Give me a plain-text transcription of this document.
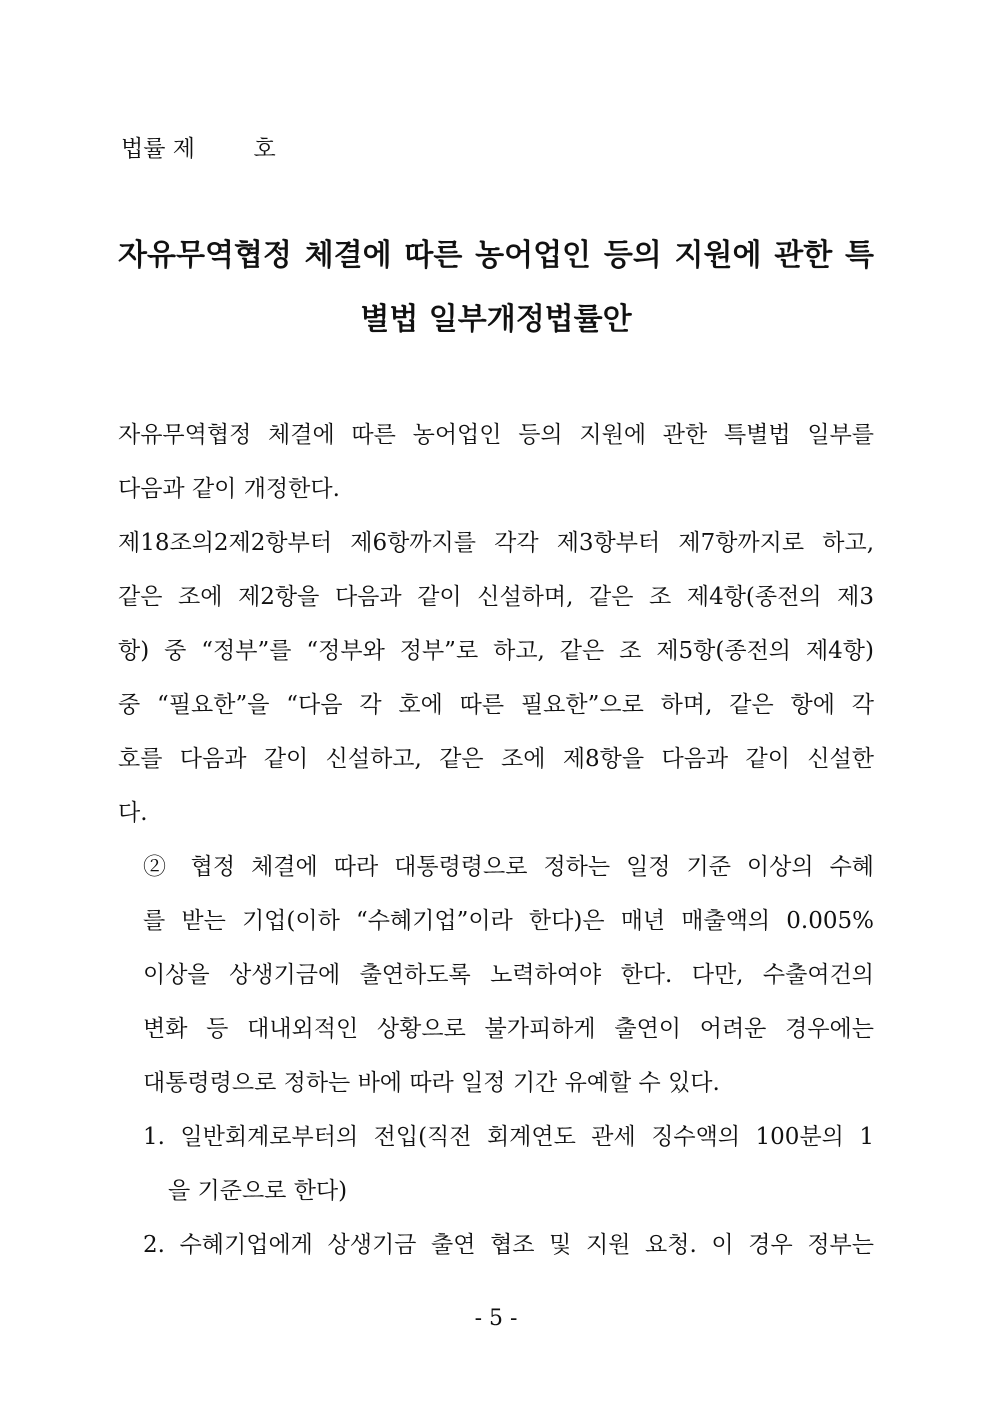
법률 제        호
자유무역협정 체결에 따른 농어업인 등의 지원에 관한 특
별법 일부개정법률안
자유무역협정 체결에 따른 농어업인 등의 지원에 관한 특별법 일부를
다음과 같이 개정한다.
제18조의2제2항부터 제6항까지를 각각 제3항부터 제7항까지로 하고,
같은 조에 제2항을 다음과 같이 신설하며, 같은 조 제4항(종전의 제3
항) 중 “정부”를 “정부와 정부”로 하고, 같은 조 제5항(종전의 제4항)
중 “필요한”을 “다음 각 호에 따른 필요한”으로 하며, 같은 항에 각
호를 다음과 같이 신설하고, 같은 조에 제8항을 다음과 같이 신설한
다.
② 협정 체결에 따라 대통령령으로 정하는 일정 기준 이상의 수혜
를 받는 기업(이하 “수혜기업”이라 한다)은 매년 매출액의 0.005%
이상을 상생기금에 출연하도록 노력하여야 한다. 다만, 수출여건의
변화 등 대내외적인 상황으로 불가피하게 출연이 어려운 경우에는
대통령령으로 정하는 바에 따라 일정 기간 유예할 수 있다.
1. 일반회계로부터의 전입(직전 회계연도 관세 징수액의 100분의 1
을 기준으로 한다)
2. 수혜기업에게 상생기금 출연 협조 및 지원 요청. 이 경우 정부는
- 5 -
